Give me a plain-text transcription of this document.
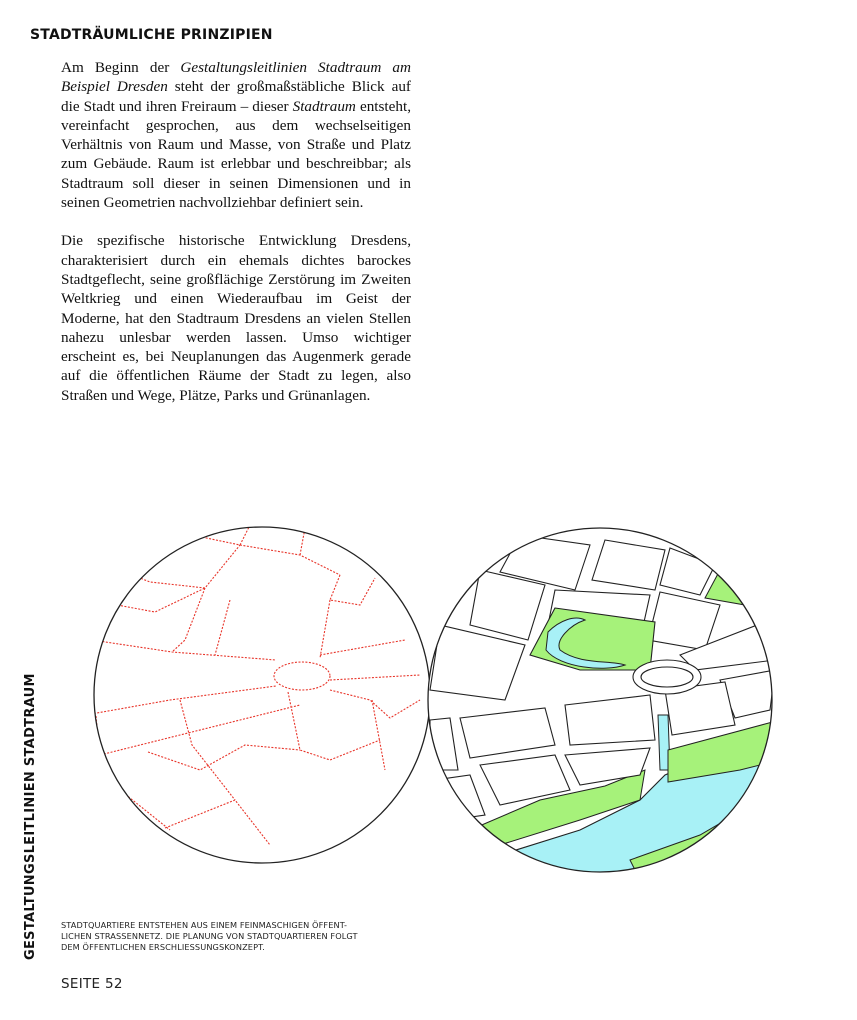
STADTRÄUMLICHE PRINZIPIEN

Am Beginn der Gestaltungsleitlinien Stadtraum am Beispiel Dresden steht der großmaßstäbliche Blick auf die Stadt und ihren Freiraum – dieser Stadtraum entsteht, vereinfacht gesprochen, aus dem wechselseitigen Verhältnis von Raum und Masse, von Straße und Platz zum Gebäude. Raum ist erlebbar und beschreibbar; als Stadtraum soll dieser in seinen Dimensionen und in seinen Geometrien nachvollziehbar definiert sein.

Die spezifische historische Entwicklung Dresdens, charakterisiert durch ein ehemals dichtes barockes Stadtgeflecht, seine großflächige Zerstörung im Zweiten Weltkrieg und einen Wiederaufbau im Geist der Moderne, hat den Stadtraum Dresdens an vielen Stellen nahezu unlesbar werden lassen. Umso wichtiger erscheint es, bei Neuplanungen das Augenmerk gerade auf die öffentlichen Räume der Stadt zu legen, also Straßen und Wege, Plätze, Parks und Grünanlagen.

GESTALTUNGSLEITLINIEN STADTRAUM	STADTQUARTIERE ENTSTEHEN AUS EINEM FEINMASCHIGEN ÖFFENT-
LICHEN STRASSENNETZ. DIE PLANUNG VON STADTQUARTIEREN FOLGT
DEM ÖFFENTLICHEN ERSCHLIESSUNGSKONZEPT.
SEITE 52
